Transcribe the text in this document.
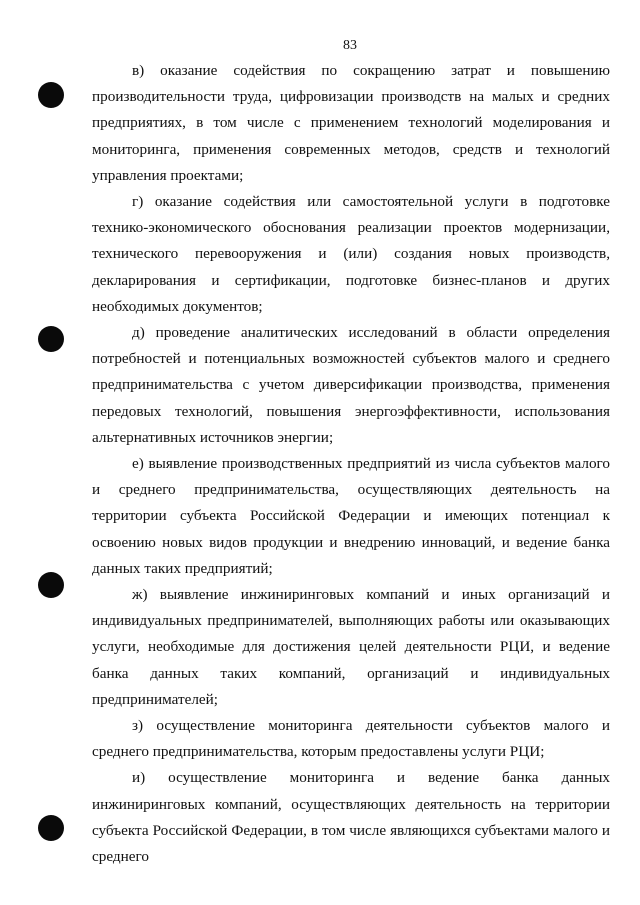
83

в) оказание содействия по сокращению затрат и повышению производительности труда, цифровизации производств на малых и средних предприятиях, в том числе с применением технологий моделирования и мониторинга, применения современных методов, средств и технологий управления проектами;

г) оказание содействия или самостоятельной услуги в подготовке технико-экономического обоснования реализации проектов модернизации, технического перевооружения и (или) создания новых производств, декларирования и сертификации, подготовке бизнес-планов и других необходимых документов;

д) проведение аналитических исследований в области определения потребностей и потенциальных возможностей субъектов малого и среднего предпринимательства с учетом диверсификации производства, применения передовых технологий, повышения энергоэффективности, использования альтернативных источников энергии;

е) выявление производственных предприятий из числа субъектов малого и среднего предпринимательства, осуществляющих деятельность на территории субъекта Российской Федерации и имеющих потенциал к освоению новых видов продукции и внедрению инноваций, и ведение банка данных таких предприятий;

ж) выявление инжиниринговых компаний и иных организаций и индивидуальных предпринимателей, выполняющих работы или оказывающих услуги, необходимые для достижения целей деятельности РЦИ, и ведение банка данных таких компаний, организаций и индивидуальных предпринимателей;

з) осуществление мониторинга деятельности субъектов малого и среднего предпринимательства, которым предоставлены услуги РЦИ;

и) осуществление мониторинга и ведение банка данных инжиниринговых компаний, осуществляющих деятельность на территории субъекта Российской Федерации, в том числе являющихся субъектами малого и среднего
